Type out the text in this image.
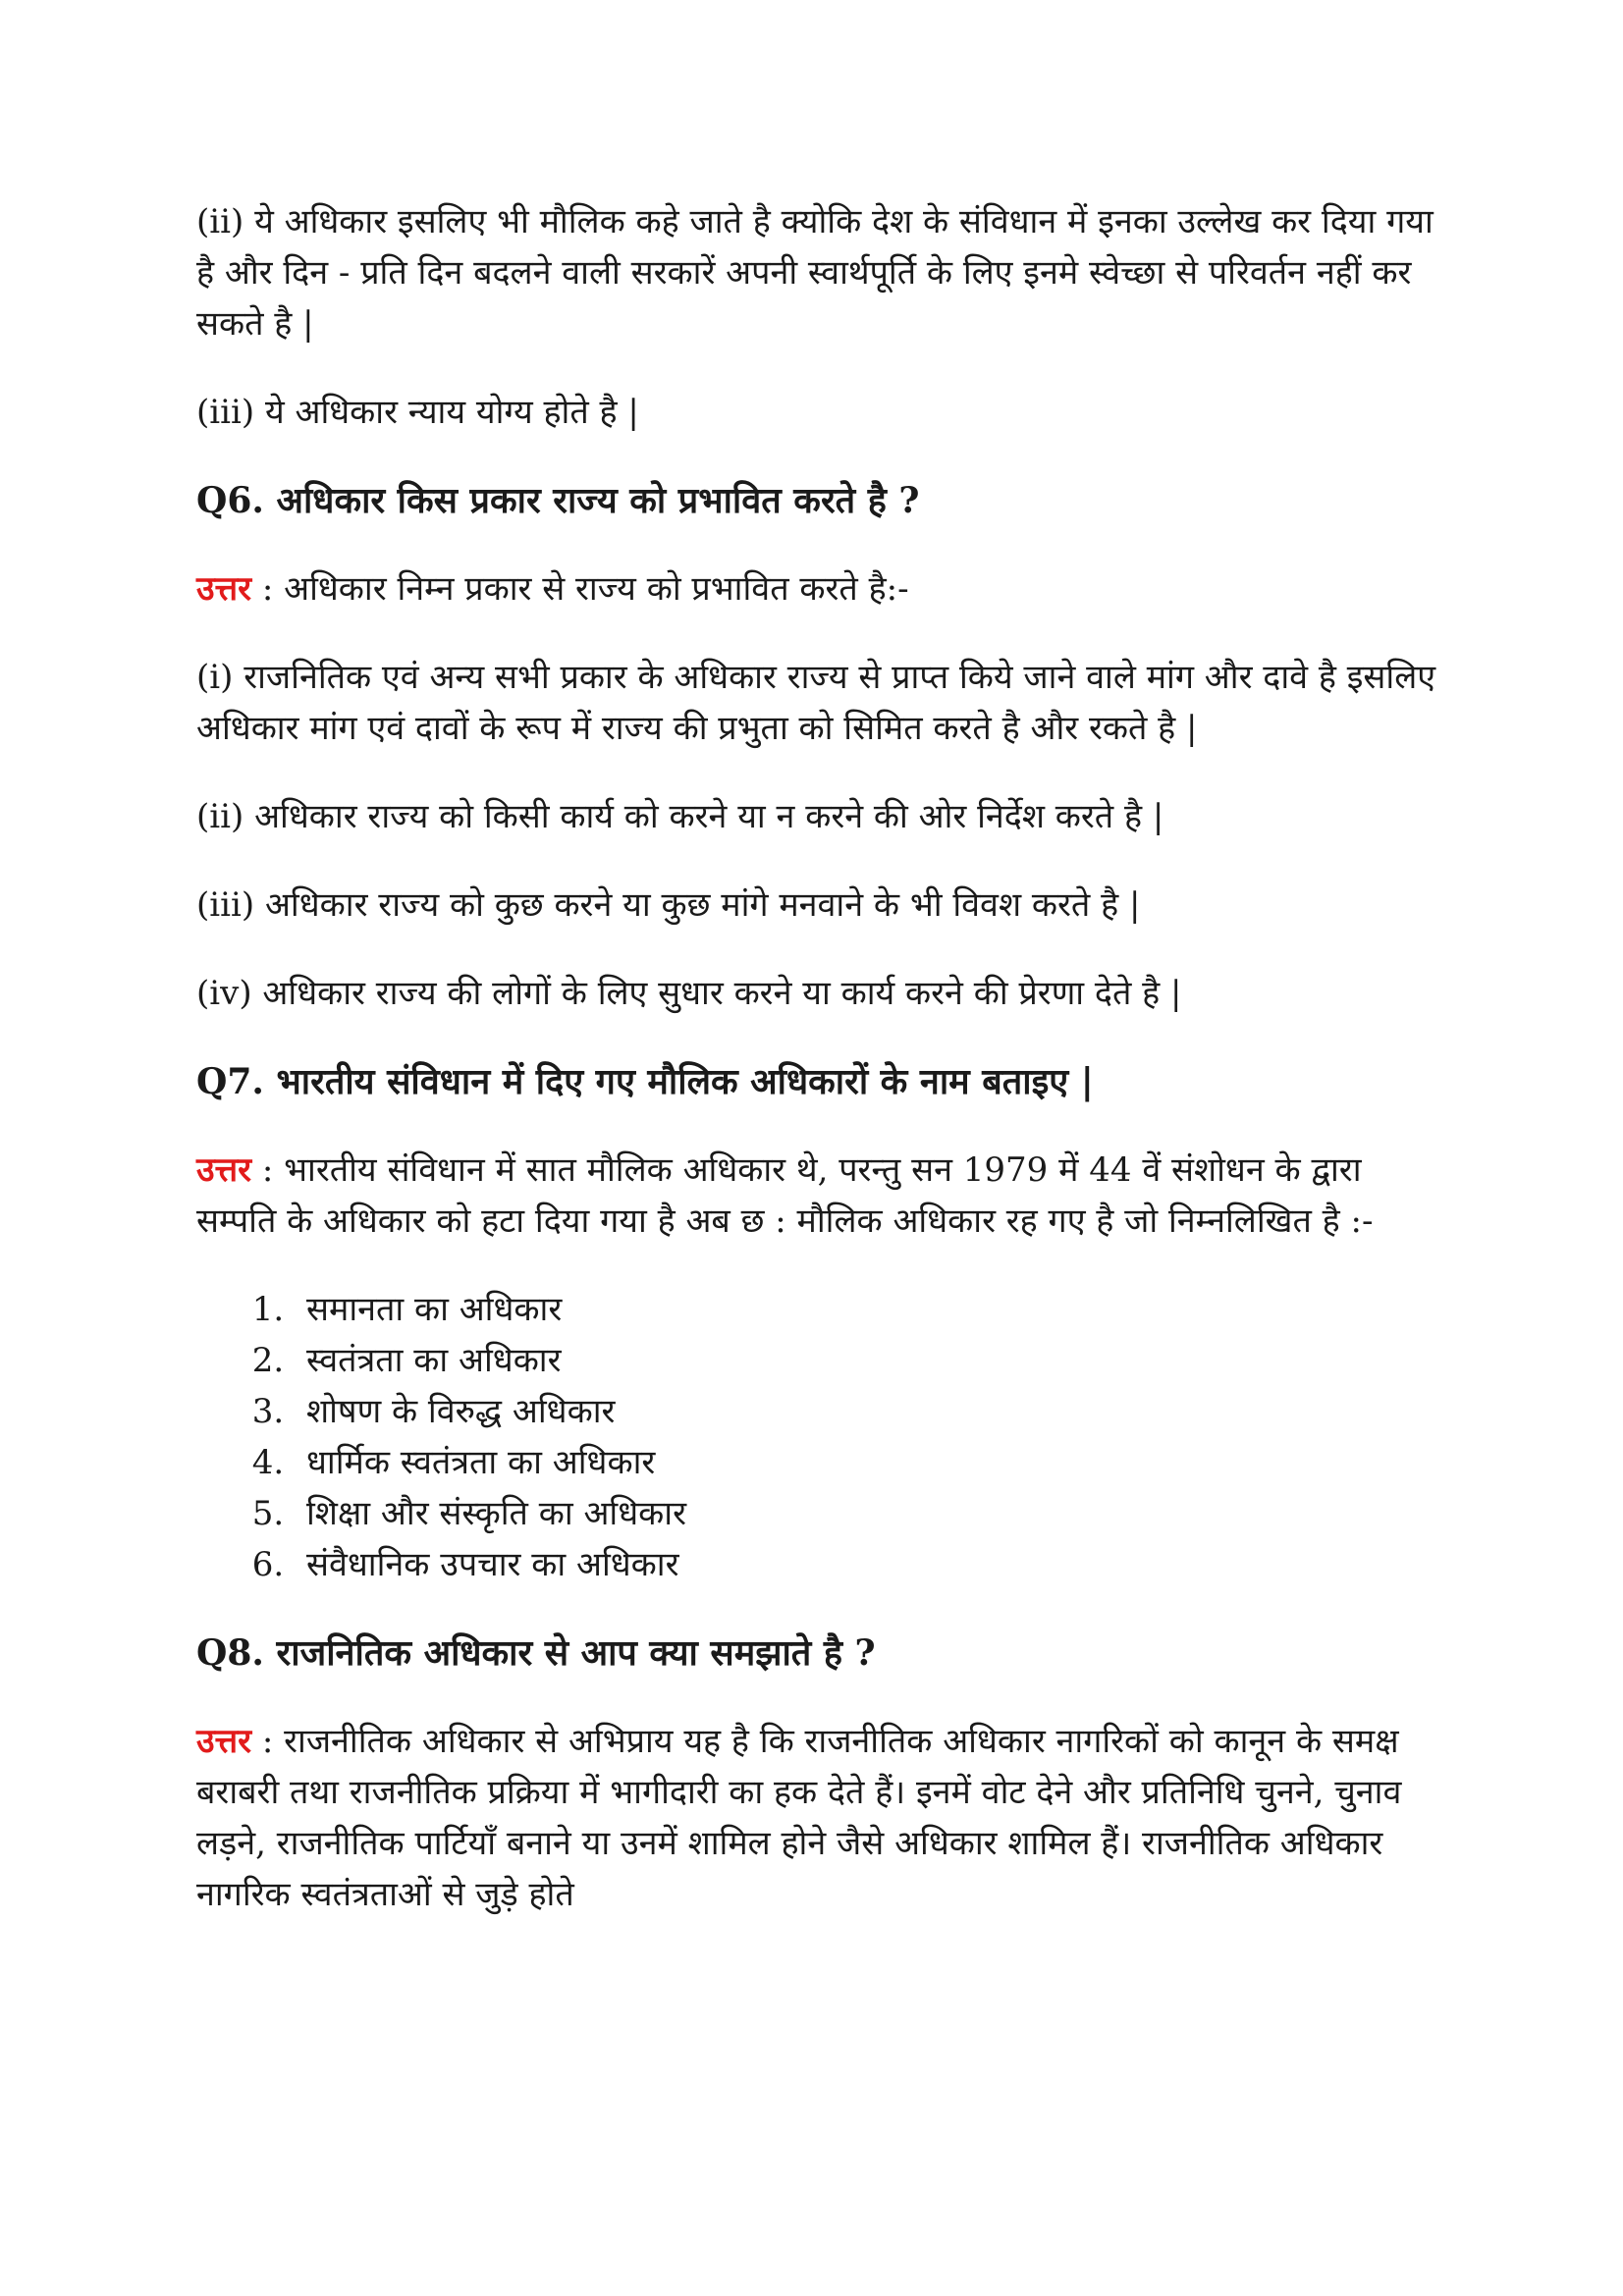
(ii) ये अधिकार इसलिए भी मौलिक कहे जाते है क्योकि देश के संविधान में इनका उल्लेख कर दिया गया है और दिन - प्रति दिन बदलने वाली सरकारें अपनी स्वार्थपूर्ति के लिए इनमे स्वेच्छा से परिवर्तन नहीं कर सकते है |

(iii) ये अधिकार न्याय योग्य होते है |

Q6. अधिकार किस प्रकार राज्य को प्रभावित करते है ?

उत्तर : अधिकार निम्न प्रकार से राज्य को प्रभावित करते है:-

(i) राजनितिक एवं अन्य सभी प्रकार के अधिकार राज्य से प्राप्त किये जाने वाले मांग और दावे है इसलिए अधिकार मांग एवं दावों के रूप में राज्य की प्रभुता को सिमित करते है और रकते है |

(ii) अधिकार राज्य को किसी कार्य को करने या न करने की ओर निर्देश करते है |

(iii) अधिकार राज्य को कुछ करने या कुछ मांगे मनवाने के भी विवश करते है |

(iv) अधिकार राज्य की लोगों के लिए सुधार करने या कार्य करने की प्रेरणा देते है |

Q7. भारतीय संविधान में दिए गए मौलिक अधिकारों के नाम बताइए |

उत्तर : भारतीय संविधान में सात मौलिक अधिकार थे, परन्तु सन 1979 में 44 वें संशोधन के द्वारा सम्पति के अधिकार को हटा दिया गया है अब छ : मौलिक अधिकार रह गए है जो निम्नलिखित है :-

1. समानता का अधिकार
2. स्वतंत्रता का अधिकार
3. शोषण के विरुद्ध अधिकार
4. धार्मिक स्वतंत्रता का अधिकार
5. शिक्षा और संस्कृति का अधिकार
6. संवैधानिक उपचार का अधिकार

Q8. राजनितिक अधिकार से आप क्या समझाते है ?

उत्तर : राजनीतिक अधिकार से अभिप्राय यह है कि राजनीतिक अधिकार नागरिकों को कानून के समक्ष बराबरी तथा राजनीतिक प्रक्रिया में भागीदारी का हक देते हैं। इनमें वोट देने और प्रतिनिधि चुनने, चुनाव लड़ने, राजनीतिक पार्टियाँ बनाने या उनमें शामिल होने जैसे अधिकार शामिल हैं। राजनीतिक अधिकार नागरिक स्वतंत्रताओं से जुड़े होते
